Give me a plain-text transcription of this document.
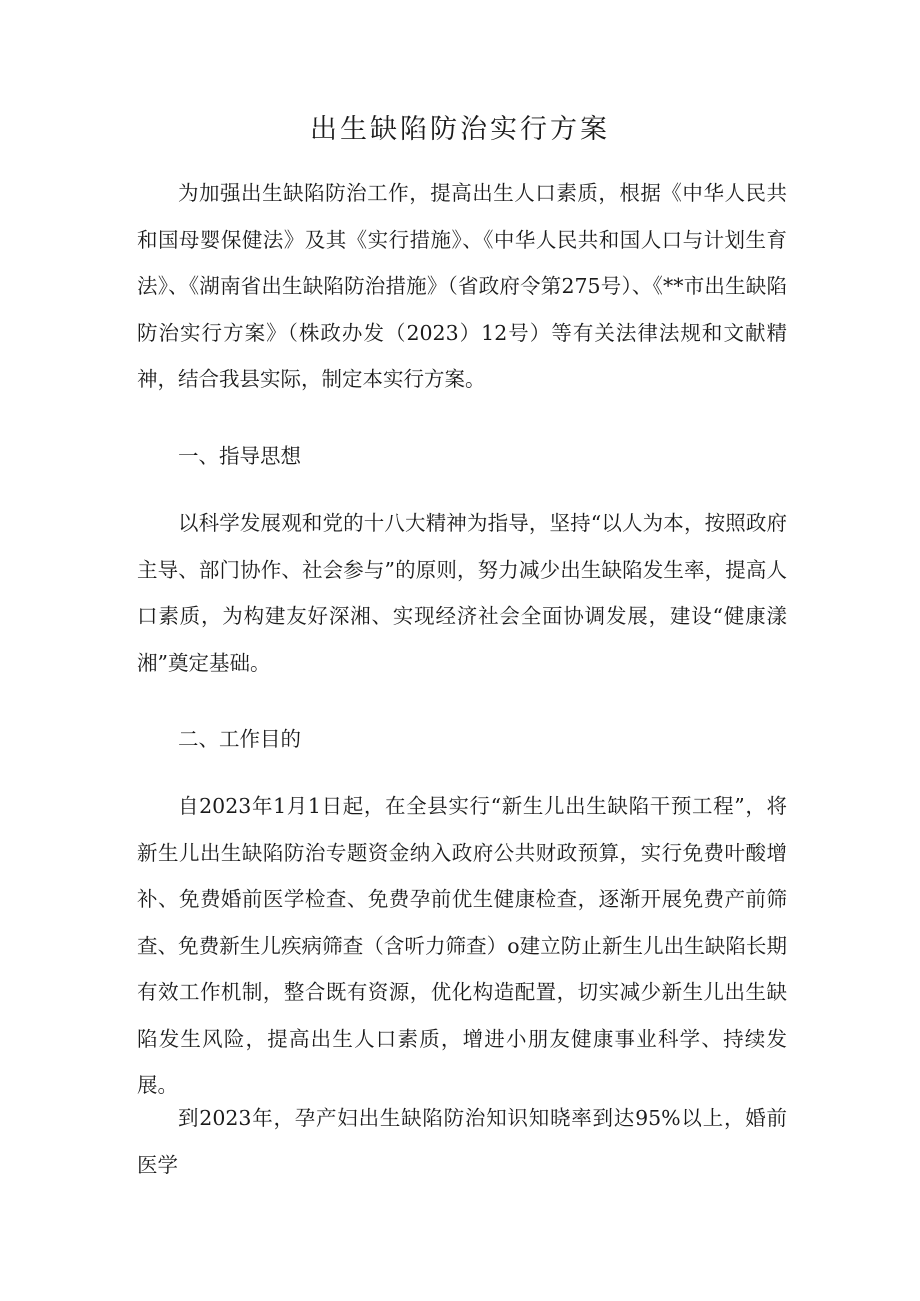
出生缺陷防治实行方案

为加强出生缺陷防治工作，提高出生人口素质，根据《中华人民共和国母婴保健法》及其《实行措施》、《中华人民共和国人口与计划生育法》、《湖南省出生缺陷防治措施》（省政府令第275号）、《**市出生缺陷防治实行方案》（株政办发（2023）12号）等有关法律法规和文献精神，结合我县实际，制定本实行方案。

一、指导思想

以科学发展观和党的十八大精神为指导，坚持“以人为本，按照政府主导、部门协作、社会参与”的原则，努力减少出生缺陷发生率，提高人口素质，为构建友好深湘、实现经济社会全面协调发展，建设“健康漾湘”奠定基础。

二、工作目的

自2023年1月1日起，在全县实行“新生儿出生缺陷干预工程”，将新生儿出生缺陷防治专题资金纳入政府公共财政预算，实行免费叶酸增补、免费婚前医学检查、免费孕前优生健康检查，逐渐开展免费产前筛查、免费新生儿疾病筛查（含听力筛查）o建立防止新生儿出生缺陷长期有效工作机制，整合既有资源，优化构造配置，切实减少新生儿出生缺陷发生风险，提高出生人口素质，增进小朋友健康事业科学、持续发展。

到2023年，孕产妇出生缺陷防治知识知晓率到达95%以上，婚前医学
